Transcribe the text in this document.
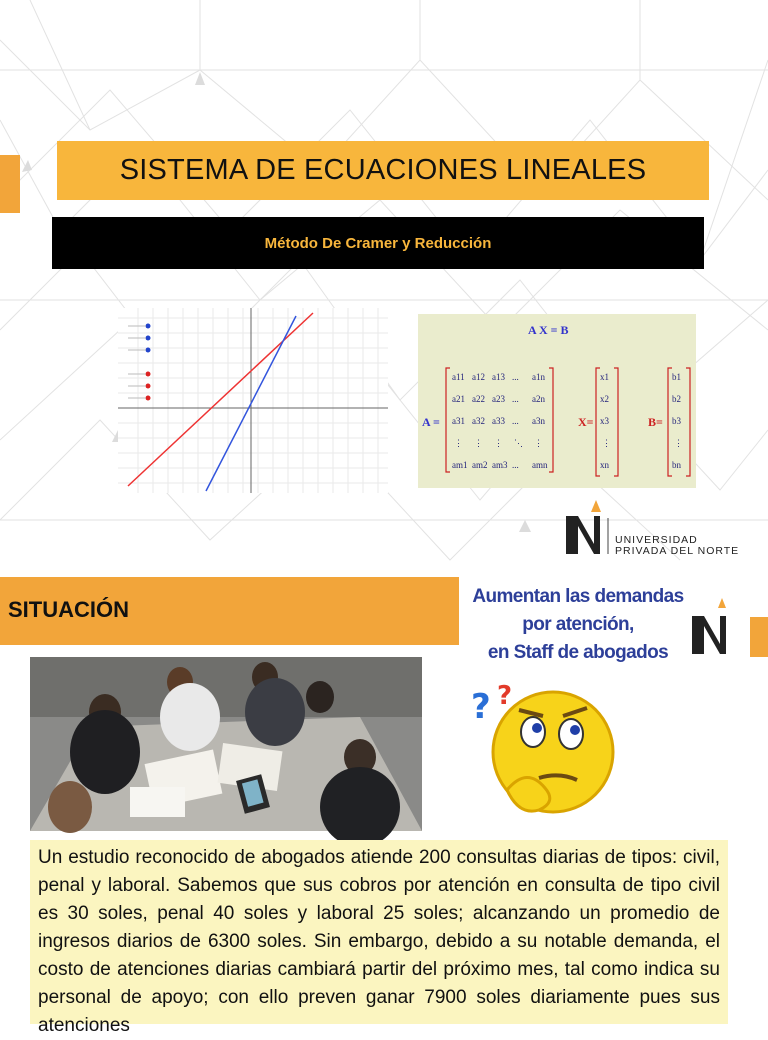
SISTEMA DE ECUACIONES LINEALES
Método De Cramer y Reducción
A X = B
A =
a11 a12 a13 ... a1n
a21 a22 a23 ... a2n
a31 a32 a33 ... a3n
⋮ ⋮ ⋮ ⋱ ⋮
am1 am2 am3 ... amn
X=
x1
x2
x3
⋮
xn
B=
b1
b2
b3
⋮
bn
UNIVERSIDAD
PRIVADA DEL NORTE
SITUACIÓN
Aumentan las demandas por atención,
en Staff de abogados
? ?

Un estudio reconocido de abogados atiende 200 consultas diarias de tipos: civil, penal y laboral. Sabemos que sus cobros por atención en consulta de tipo civil es 30 soles, penal 40 soles y laboral 25 soles; alcanzando un promedio de ingresos diarios de 6300 soles. Sin embargo, debido a su notable demanda, el costo de atenciones diarias cambiará partir del próximo mes, tal como indica su personal de apoyo; con ello preven ganar 7900 soles diariamente pues sus atenciones
